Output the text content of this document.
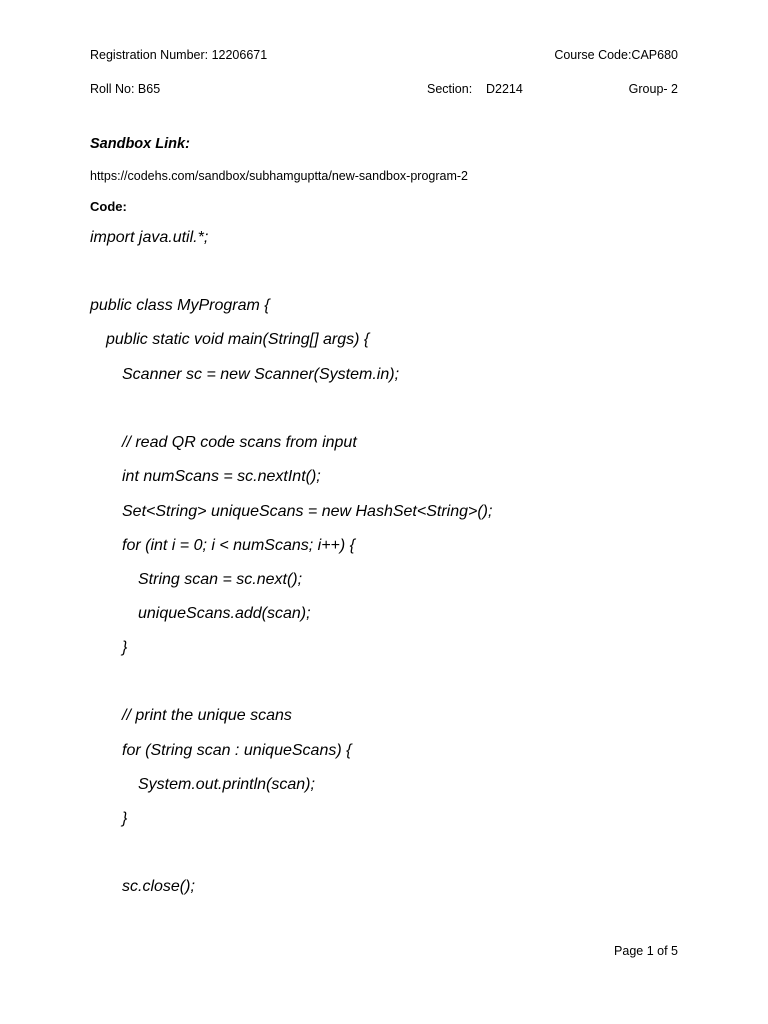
Registration Number: 12206671	Course Code:CAP680
Roll No: B65	Section: D2214	Group- 2
Sandbox Link:
https://codehs.com/sandbox/subhamguptta/new-sandbox-program-2
Code:
import java.util.*;
public class MyProgram {
public static void main(String[] args) {
Scanner sc = new Scanner(System.in);
// read QR code scans from input
int numScans = sc.nextInt();
Set<String> uniqueScans = new HashSet<String>();
for (int i = 0; i < numScans; i++) {
String scan = sc.next();
uniqueScans.add(scan);
}
// print the unique scans
for (String scan : uniqueScans) {
System.out.println(scan);
}
sc.close();
Page 1 of 5
